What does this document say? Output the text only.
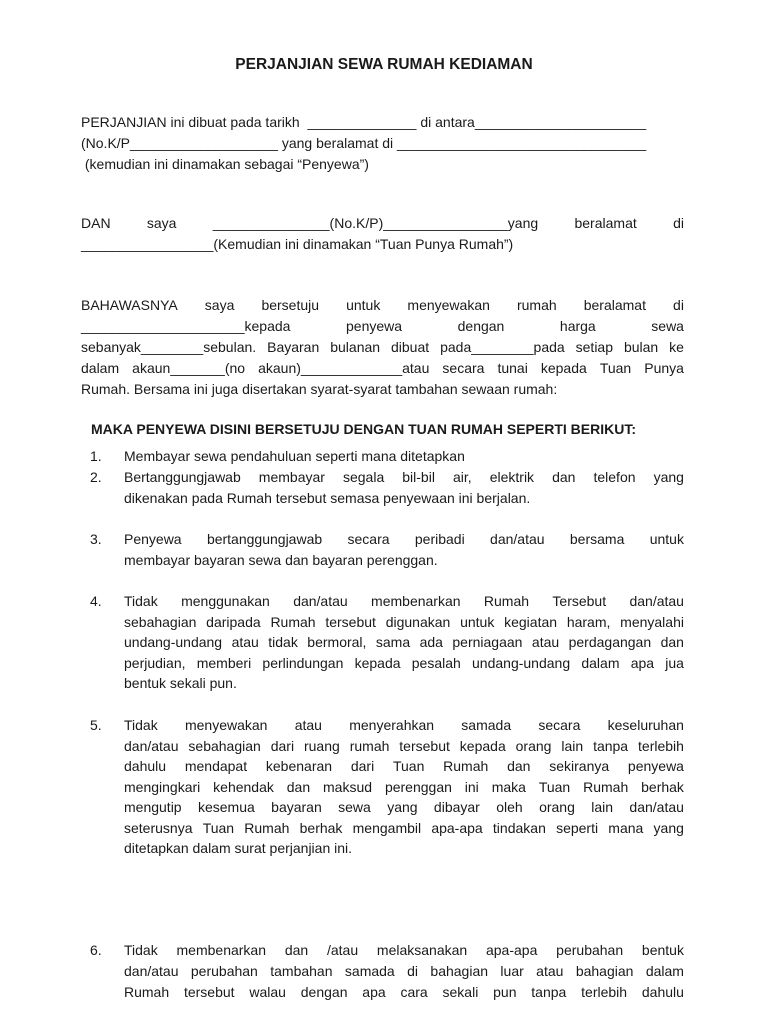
PERJANJIAN SEWA RUMAH KEDIAMAN
PERJANJIAN ini dibuat pada tarikh  ______________ di antara______________________
(No.K/P___________________ yang beralamat di ________________________________
(kemudian ini dinamakan sebagai “Penyewa”)
DAN	saya	_______________(No.K/P)________________yang	beralamat	di
_________________(Kemudian ini dinamakan “Tuan Punya Rumah”)
BAHAWASNYA saya bersetuju untuk menyewakan rumah beralamat di
_____________________kepada	penyewa	dengan	harga	sewa
sebanyak________sebulan. Bayaran bulanan dibuat pada________pada setiap bulan ke
dalam akaun_______(no akaun)_____________atau secara tunai kepada Tuan Punya
Rumah. Bersama ini juga disertakan syarat-syarat tambahan sewaan rumah:
MAKA PENYEWA DISINI BERSETUJU DENGAN TUAN RUMAH SEPERTI BERIKUT:
1. Membayar sewa pendahuluan seperti mana ditetapkan
2. Bertanggungjawab membayar segala bil-bil air, elektrik dan telefon yang
dikenakan pada Rumah tersebut semasa penyewaan ini berjalan.
3. Penyewa bertanggungjawab secara peribadi dan/atau bersama untuk
membayar bayaran sewa dan bayaran perenggan.
4. Tidak menggunakan dan/atau membenarkan Rumah Tersebut dan/atau
sebahagian daripada Rumah tersebut digunakan untuk kegiatan haram, menyalahi
undang-undang atau tidak bermoral, sama ada perniagaan atau perdagangan dan
perjudian, memberi perlindungan kepada pesalah undang-undang dalam apa jua
bentuk sekali pun.
5. Tidak menyewakan atau menyerahkan samada secara keseluruhan
dan/atau sebahagian dari ruang rumah tersebut kepada orang lain tanpa terlebih
dahulu mendapat kebenaran dari Tuan Rumah dan sekiranya penyewa
mengingkari kehendak dan maksud perenggan ini maka Tuan Rumah berhak
mengutip kesemua bayaran sewa yang dibayar oleh orang lain dan/atau
seterusnya Tuan Rumah berhak mengambil apa-apa tindakan seperti mana yang
ditetapkan dalam surat perjanjian ini.
6. Tidak membenarkan dan /atau melaksanakan apa-apa perubahan bentuk
dan/atau perubahan tambahan samada di bahagian luar atau bahagian dalam
Rumah tersebut walau dengan apa cara sekali pun tanpa terlebih dahulu
